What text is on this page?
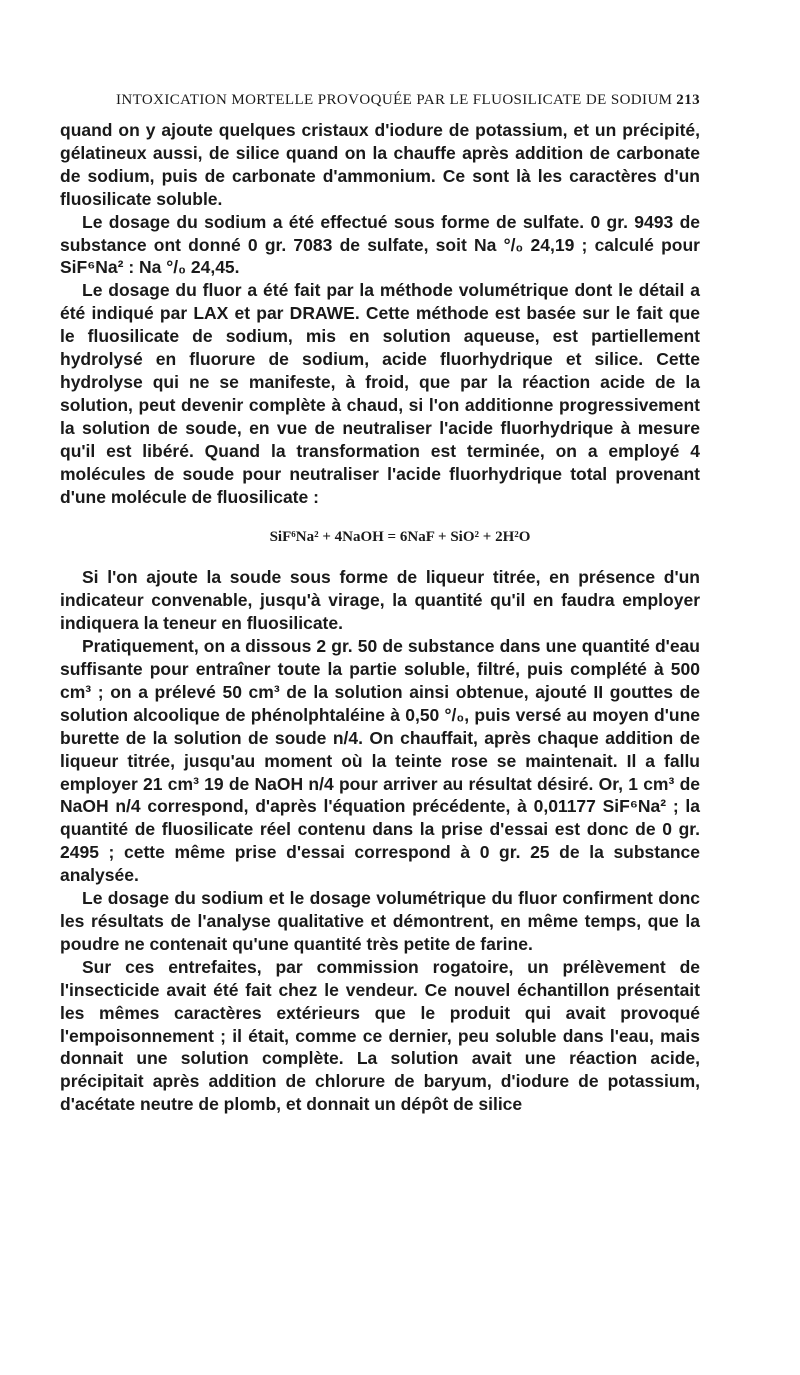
INTOXICATION MORTELLE PROVOQUÉE PAR LE FLUOSILICATE DE SODIUM 213

quand on y ajoute quelques cristaux d'iodure de potassium, et un précipité, gélatineux aussi, de silice quand on la chauffe après addition de carbonate de sodium, puis de carbonate d'ammonium. Ce sont là les caractères d'un fluosilicate soluble.

Le dosage du sodium a été effectué sous forme de sulfate. 0 gr. 9493 de substance ont donné 0 gr. 7083 de sulfate, soit Na °/₀ 24,19 ; calculé pour SiF⁶Na² : Na °/₀ 24,45.

Le dosage du fluor a été fait par la méthode volumétrique dont le détail a été indiqué par LAX et par DRAWE. Cette méthode est basée sur le fait que le fluosilicate de sodium, mis en solution aqueuse, est partiellement hydrolysé en fluorure de sodium, acide fluorhydrique et silice. Cette hydrolyse qui ne se manifeste, à froid, que par la réaction acide de la solution, peut devenir complète à chaud, si l'on additionne progressivement la solution de soude, en vue de neutraliser l'acide fluorhydrique à mesure qu'il est libéré. Quand la transformation est terminée, on a employé 4 molécules de soude pour neutraliser l'acide fluorhydrique total provenant d'une molécule de fluosilicate :

SiF⁶Na² + 4NaOH = 6NaF + SiO² + 2H²O

Si l'on ajoute la soude sous forme de liqueur titrée, en présence d'un indicateur convenable, jusqu'à virage, la quantité qu'il en faudra employer indiquera la teneur en fluosilicate.

Pratiquement, on a dissous 2 gr. 50 de substance dans une quantité d'eau suffisante pour entraîner toute la partie soluble, filtré, puis complété à 500 cm³ ; on a prélevé 50 cm³ de la solution ainsi obtenue, ajouté II gouttes de solution alcoolique de phénolphtaléine à 0,50 °/₀, puis versé au moyen d'une burette de la solution de soude n/4. On chauffait, après chaque addition de liqueur titrée, jusqu'au moment où la teinte rose se maintenait. Il a fallu employer 21 cm³ 19 de NaOH n/4 pour arriver au résultat désiré. Or, 1 cm³ de NaOH n/4 correspond, d'après l'équation précédente, à 0,01177 SiF⁶Na² ; la quantité de fluosilicate réel contenu dans la prise d'essai est donc de 0 gr. 2495 ; cette même prise d'essai correspond à 0 gr. 25 de la substance analysée.

Le dosage du sodium et le dosage volumétrique du fluor confirment donc les résultats de l'analyse qualitative et démontrent, en même temps, que la poudre ne contenait qu'une quantité très petite de farine.

Sur ces entrefaites, par commission rogatoire, un prélèvement de l'insecticide avait été fait chez le vendeur. Ce nouvel échantillon présentait les mêmes caractères extérieurs que le produit qui avait provoqué l'empoisonnement ; il était, comme ce dernier, peu soluble dans l'eau, mais donnait une solution complète. La solution avait une réaction acide, précipitait après addition de chlorure de baryum, d'iodure de potassium, d'acétate neutre de plomb, et donnait un dépôt de silice
